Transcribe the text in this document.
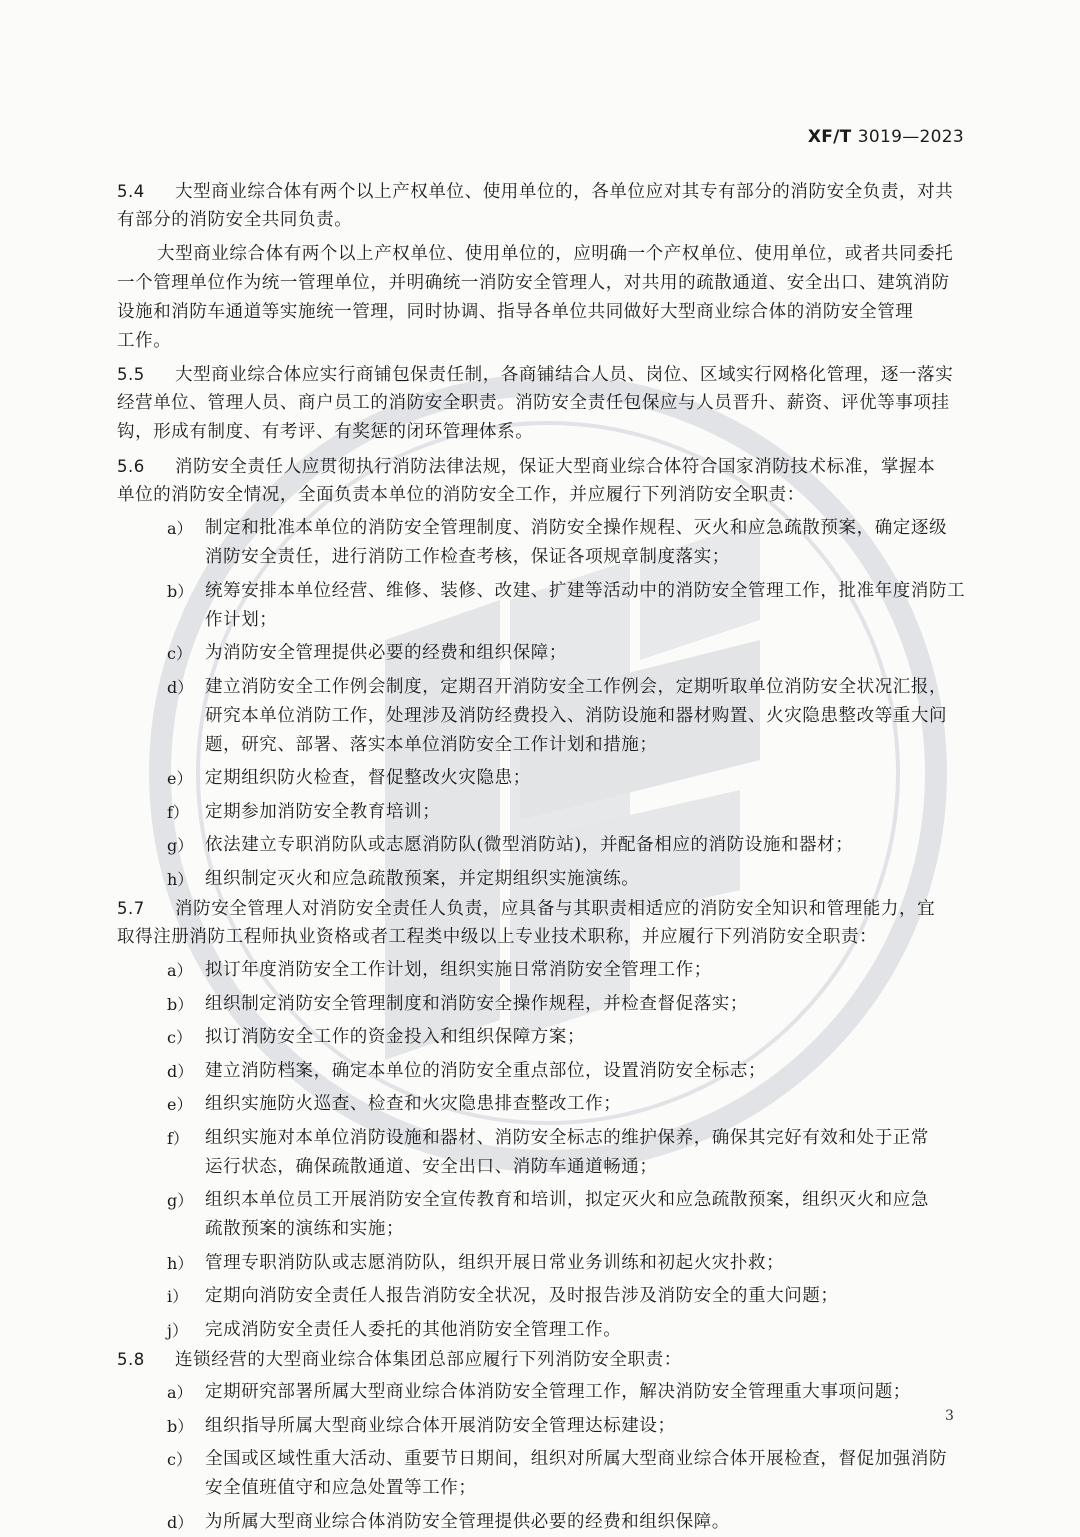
XF/T 3019—2023
5.4 大型商业综合体有两个以上产权单位、使用单位的，各单位应对其专有部分的消防安全负责，对共
有部分的消防安全共同负责。
大型商业综合体有两个以上产权单位、使用单位的，应明确一个产权单位、使用单位，或者共同委托
一个管理单位作为统一管理单位，并明确统一消防安全管理人，对共用的疏散通道、安全出口、建筑消防
设施和消防车通道等实施统一管理，同时协调、指导各单位共同做好大型商业综合体的消防安全管理
工作。
5.5 大型商业综合体应实行商铺包保责任制，各商铺结合人员、岗位、区域实行网格化管理，逐一落实
经营单位、管理人员、商户员工的消防安全职责。消防安全责任包保应与人员晋升、薪资、评优等事项挂
钩，形成有制度、有考评、有奖惩的闭环管理体系。
5.6 消防安全责任人应贯彻执行消防法律法规，保证大型商业综合体符合国家消防技术标准，掌握本
单位的消防安全情况，全面负责本单位的消防安全工作，并应履行下列消防安全职责：
a） 制定和批准本单位的消防安全管理制度、消防安全操作规程、灭火和应急疏散预案，确定逐级
消防安全责任，进行消防工作检查考核，保证各项规章制度落实；
b） 统筹安排本单位经营、维修、装修、改建、扩建等活动中的消防安全管理工作，批准年度消防工
作计划；
c） 为消防安全管理提供必要的经费和组织保障；
d） 建立消防安全工作例会制度，定期召开消防安全工作例会，定期听取单位消防安全状况汇报，
研究本单位消防工作，处理涉及消防经费投入、消防设施和器材购置、火灾隐患整改等重大问
题，研究、部署、落实本单位消防安全工作计划和措施；
e） 定期组织防火检查，督促整改火灾隐患；
f） 定期参加消防安全教育培训；
g） 依法建立专职消防队或志愿消防队(微型消防站)，并配备相应的消防设施和器材；
h） 组织制定灭火和应急疏散预案，并定期组织实施演练。
5.7 消防安全管理人对消防安全责任人负责，应具备与其职责相适应的消防安全知识和管理能力，宜
取得注册消防工程师执业资格或者工程类中级以上专业技术职称，并应履行下列消防安全职责：
a） 拟订年度消防安全工作计划，组织实施日常消防安全管理工作；
b） 组织制定消防安全管理制度和消防安全操作规程，并检查督促落实；
c） 拟订消防安全工作的资金投入和组织保障方案；
d） 建立消防档案，确定本单位的消防安全重点部位，设置消防安全标志；
e） 组织实施防火巡查、检查和火灾隐患排查整改工作；
f） 组织实施对本单位消防设施和器材、消防安全标志的维护保养，确保其完好有效和处于正常
运行状态，确保疏散通道、安全出口、消防车通道畅通；
g） 组织本单位员工开展消防安全宣传教育和培训，拟定灭火和应急疏散预案，组织灭火和应急
疏散预案的演练和实施；
h） 管理专职消防队或志愿消防队，组织开展日常业务训练和初起火灾扑救；
i） 定期向消防安全责任人报告消防安全状况，及时报告涉及消防安全的重大问题；
j） 完成消防安全责任人委托的其他消防安全管理工作。
5.8 连锁经营的大型商业综合体集团总部应履行下列消防安全职责：
a） 定期研究部署所属大型商业综合体消防安全管理工作，解决消防安全管理重大事项问题；
b） 组织指导所属大型商业综合体开展消防安全管理达标建设；
c） 全国或区域性重大活动、重要节日期间，组织对所属大型商业综合体开展检查，督促加强消防
安全值班值守和应急处置等工作；
d） 为所属大型商业综合体消防安全管理提供必要的经费和组织保障。
3
